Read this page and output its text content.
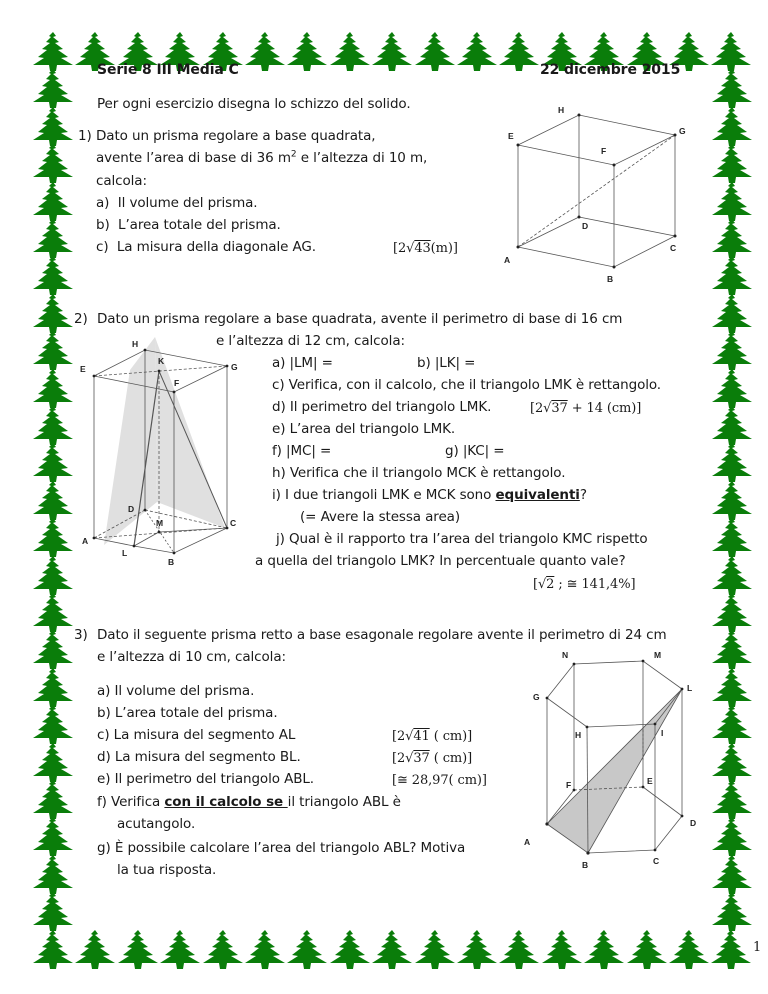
Serie 8 III Media C	22 dicembre 2015
Per ogni esercizio disegna lo schizzo del solido.
1) Dato un prisma regolare a base quadrata,
avente l’area di base di 36 $m^2$ e l’altezza di 10 m,
calcola:
a) Il volume del prisma.
b) L’area totale del prisma.
c) La misura della diagonale AG.	[2√43(m)]
H
E	G
F
D
C
A
B
2) Dato un prisma regolare a base quadrata, avente il perimetro di base di 16 cm
e l’altezza di 12 cm, calcola:
a) |LM| =	b) |LK| =
c) Verifica, con il calcolo, che il triangolo LMK è rettangolo.
d) Il perimetro del triangolo LMK.	[2√37 + 14 (cm)]
e) L’area del triangolo LMK.
f) |MC| =	g) |KC| =
h) Verifica che il triangolo MCK è rettangolo.
i) I due triangoli LMK e MCK sono equivalenti?
(= Avere la stessa area)
j) Qual è il rapporto tra l’area del triangolo KMC rispetto
a quella del triangolo LMK? In percentuale quanto vale?
[√2 ; ≅ 141,4%]
H
K
E	G
F
D
M	C
A
L
B
3) Dato il seguente prisma retto a base esagonale regolare avente il perimetro di 24 cm
e l’altezza di 10 cm, calcola:
a) Il volume del prisma.
b) L’area totale del prisma.
c) La misura del segmento AL	[2√41 ( cm)]
d) La misura del segmento BL.	[2√37 ( cm)]
e) Il perimetro del triangolo ABL.	[≅ 28,97( cm)]
f) Verifica con il calcolo se il triangolo ABL è
acutangolo.
g) È possibile calcolare l’area del triangolo ABL? Motiva
la tua risposta.
N	M
G
L
H	I
F	E
D
A
B	C
1
